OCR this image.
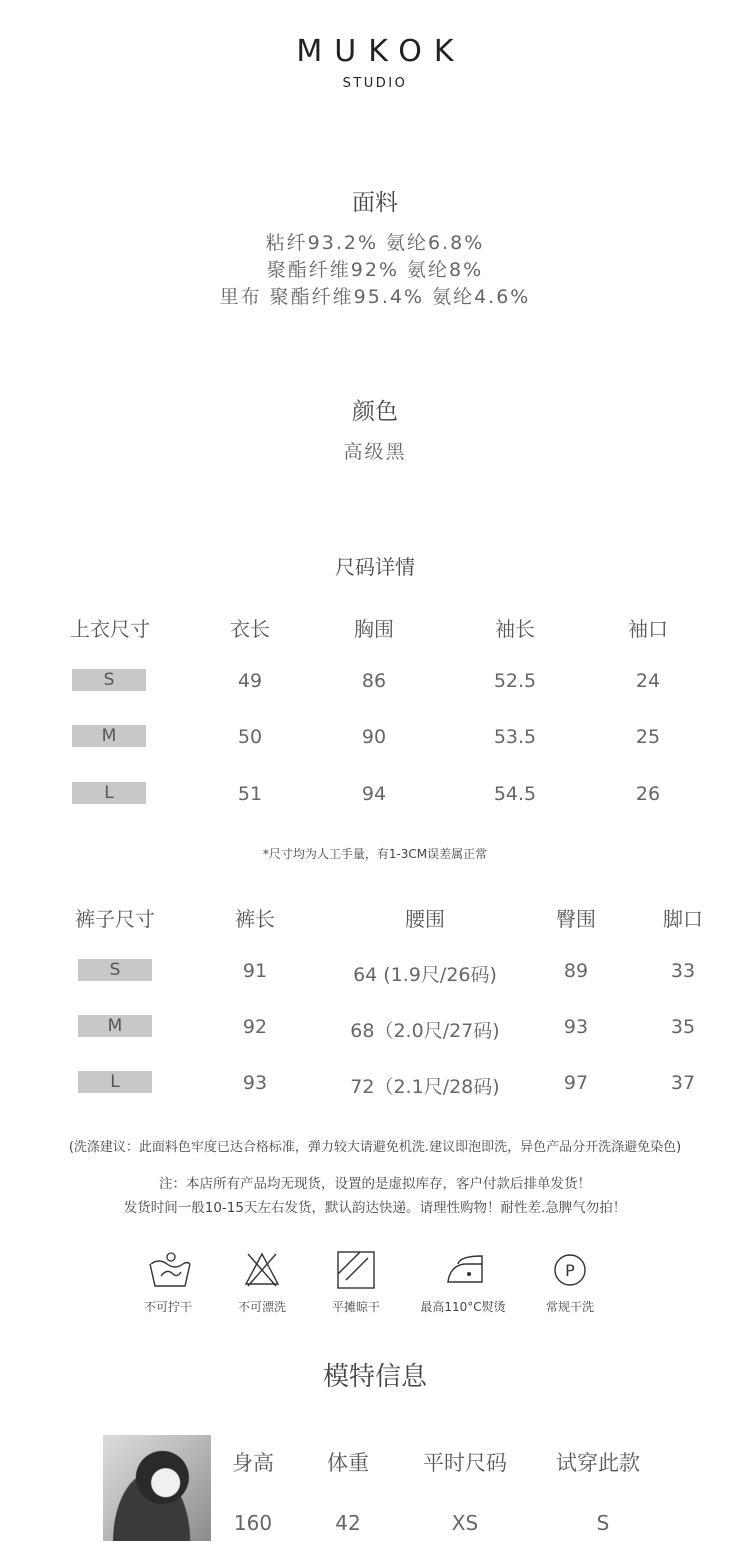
MUKOK
STUDIO
面料
粘纤93.2% 氨纶6.8%
聚酯纤维92% 氨纶8%
里布 聚酯纤维95.4% 氨纶4.6%
颜色
高级黑
尺码详情
上衣尺寸	衣长	胸围	袖长	袖口
S	49	86	52.5	24
M	50	90	53.5	25
L	51	94	54.5	26
*尺寸均为人工手量，有1-3CM误差属正常
裤子尺寸	裤长	腰围	臀围	脚口
S	91	64 (1.9尺/26码)	89	33
M	92	68（2.0尺/27码)	93	35
L	93	72（2.1尺/28码)	97	37
(洗涤建议：此面料色牢度已达合格标准，弹力较大请避免机洗.建议即泡即洗，异色产品分开洗涤避免染色)
注：本店所有产品均无现货，设置的是虚拟库存，客户付款后排单发货！
发货时间一般10-15天左右发货，默认韵达快递。请理性购物！耐性差.急脾气勿拍！
不可拧干	不可漂洗	平摊晾干	最高110°C熨烫
P
常规干洗
模特信息
身高	体重	平时尺码	试穿此款
160	42	XS	S
